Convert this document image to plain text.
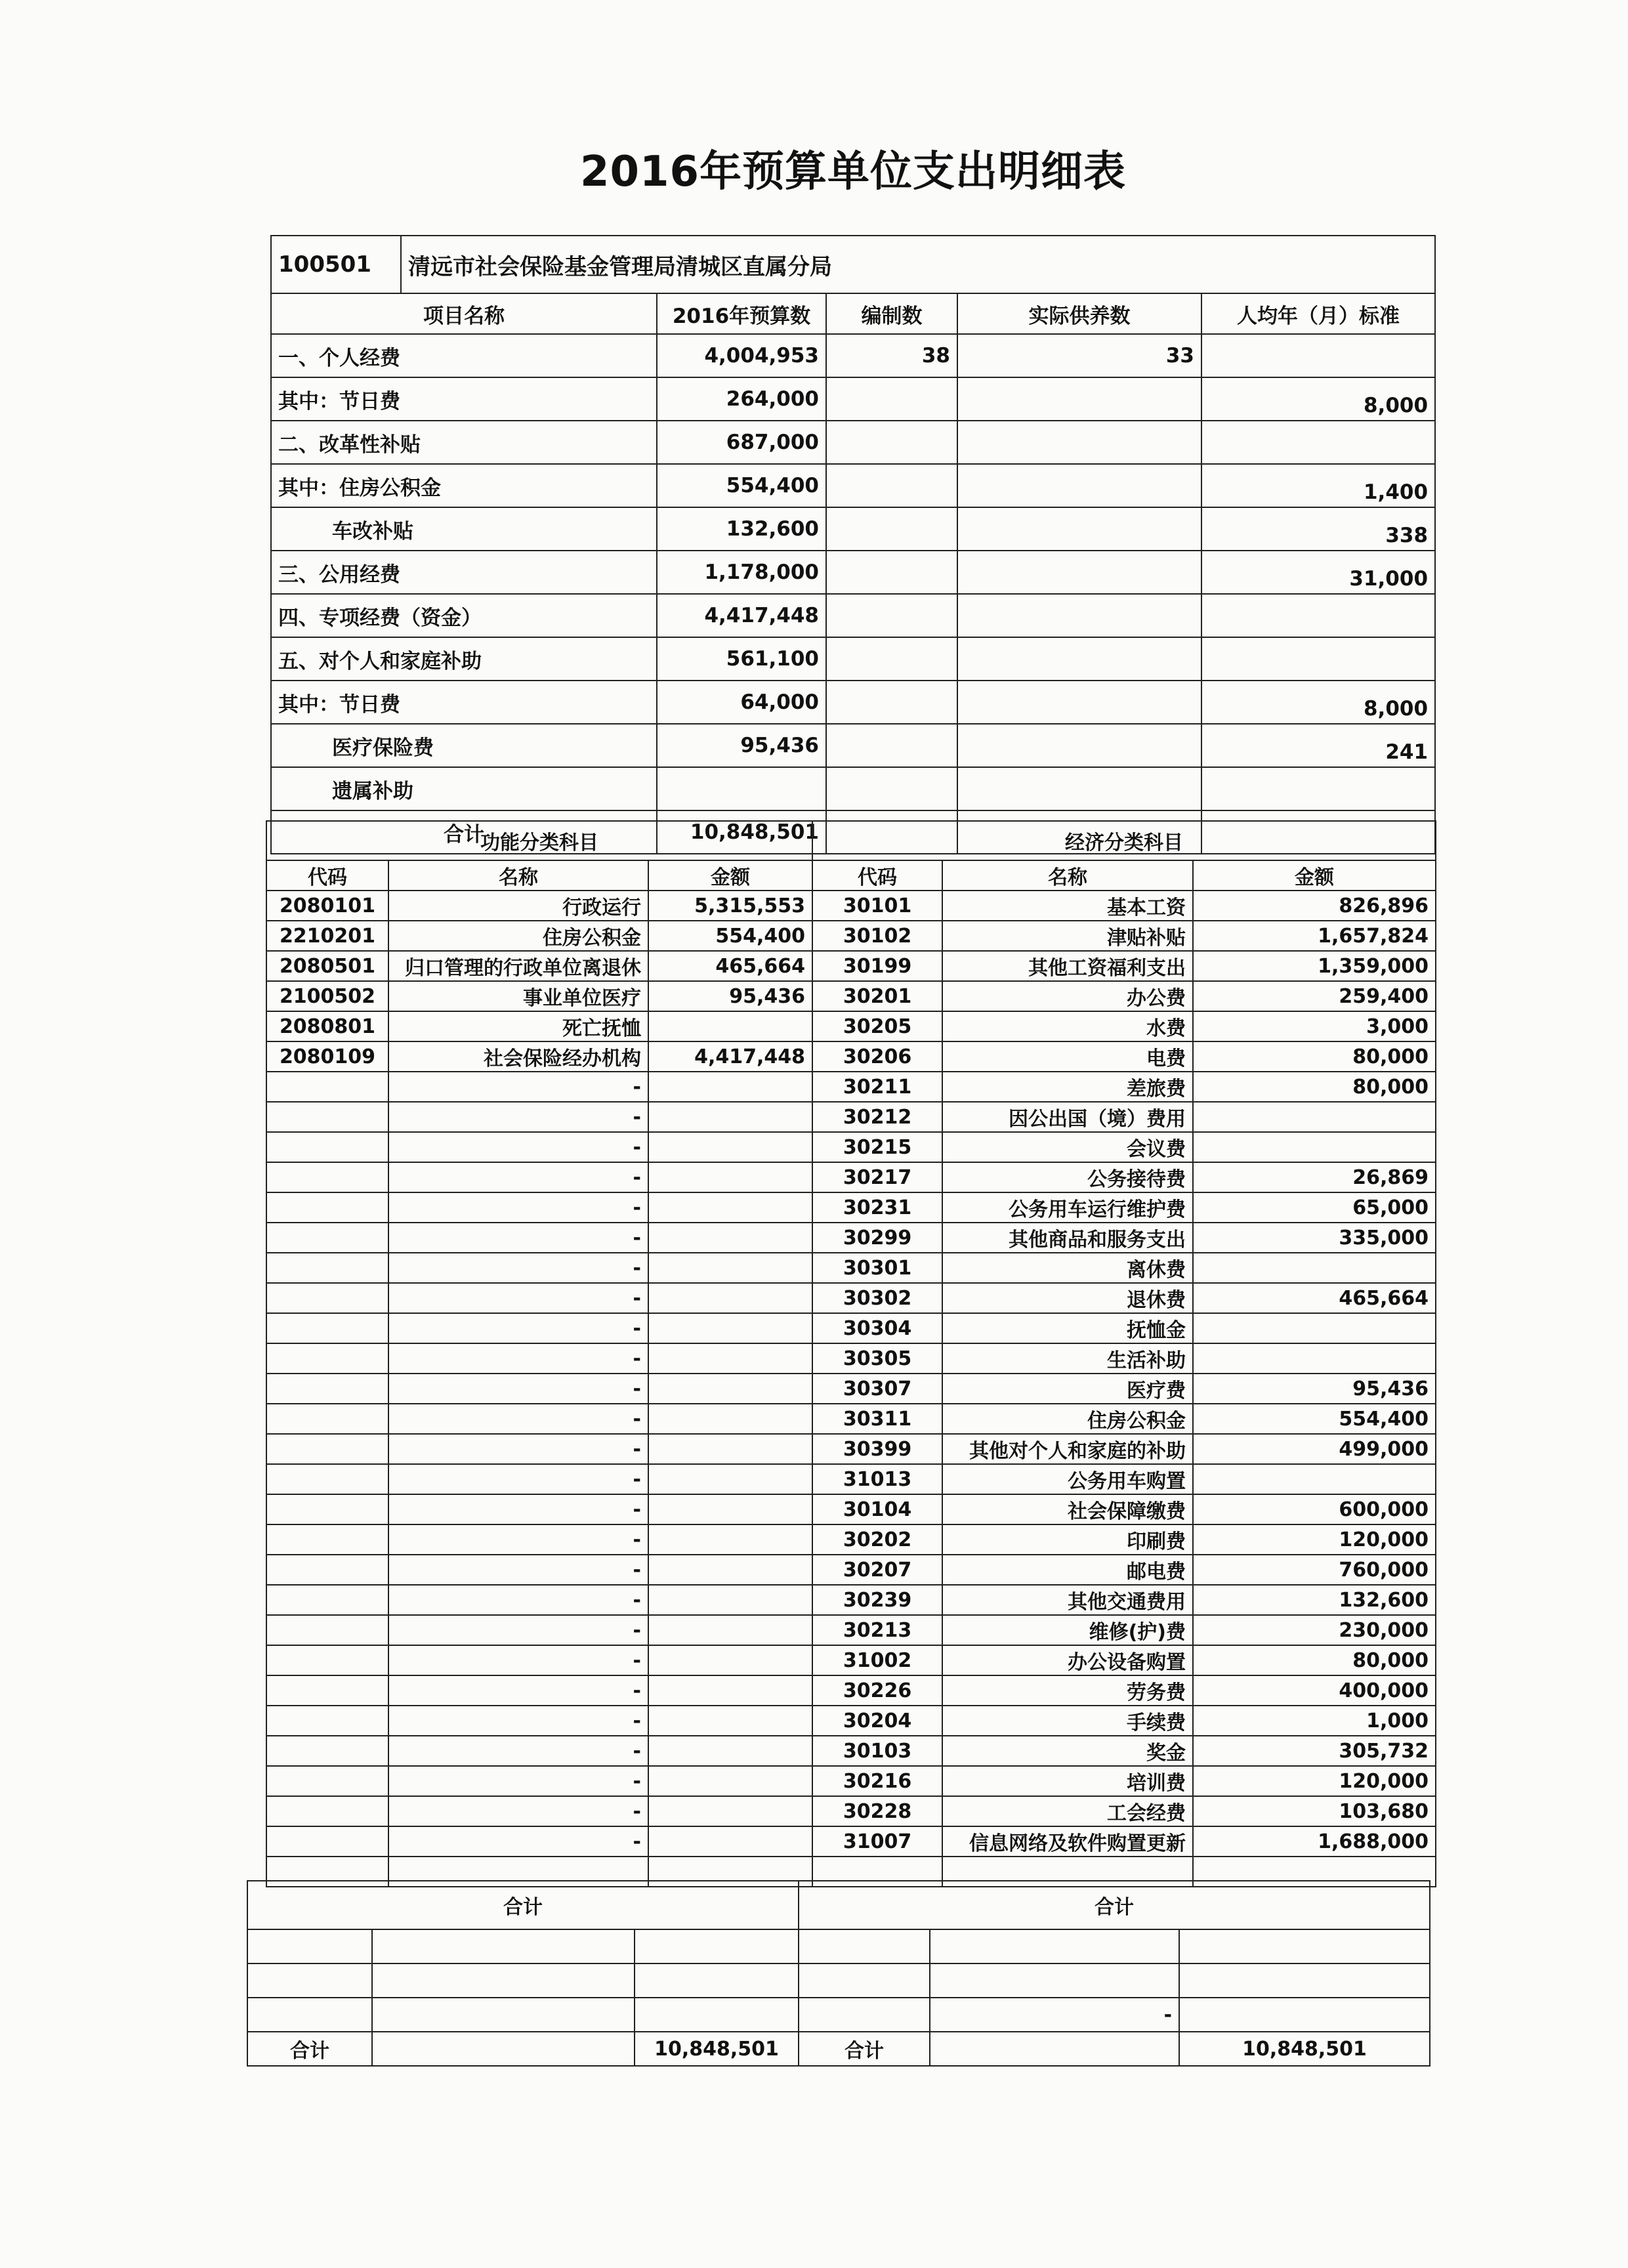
2016年预算单位支出明细表
100501	清远市社会保险基金管理局清城区直属分局				
项目名称		2016年预算数	编制数	实际供养数	人均年（月）标准
一、个人经费		4,004,953	38	33	
其中：节日费		264,000			8,000
二、改革性补贴		687,000			
其中：住房公积金		554,400			1,400
车改补贴		132,600			338
三、公用经费		1,178,000			31,000
四、专项经费（资金）		4,417,448			
五、对个人和家庭补助		561,100			
其中：节日费		64,000			8,000
医疗保险费		95,436			241
遗属补助					
合计		10,848,501			
功能分类科目			经济分类科目		
代码	名称	金额	代码	名称	金额
2080101	行政运行	5,315,553	30101	基本工资	826,896
2210201	住房公积金	554,400	30102	津贴补贴	1,657,824
2080501	归口管理的行政单位离退休	465,664	30199	其他工资福利支出	1,359,000
2100502	事业单位医疗	95,436	30201	办公费	259,400
2080801	死亡抚恤		30205	水费	3,000
2080109	社会保险经办机构	4,417,448	30206	电费	80,000
	-		30211	差旅费	80,000
	-		30212	因公出国（境）费用	
	-		30215	会议费	
	-		30217	公务接待费	26,869
	-		30231	公务用车运行维护费	65,000
	-		30299	其他商品和服务支出	335,000
	-		30301	离休费	
	-		30302	退休费	465,664
	-		30304	抚恤金	
	-		30305	生活补助	
	-		30307	医疗费	95,436
	-		30311	住房公积金	554,400
	-		30399	其他对个人和家庭的补助	499,000
	-		31013	公务用车购置	
	-		30104	社会保障缴费	600,000
	-		30202	印刷费	120,000
	-		30207	邮电费	760,000
	-		30239	其他交通费用	132,600
	-		30213	维修(护)费	230,000
	-		31002	办公设备购置	80,000
	-		30226	劳务费	400,000
	-		30204	手续费	1,000
	-		30103	奖金	305,732
	-		30216	培训费	120,000
	-		30228	工会经费	103,680
	-		31007	信息网络及软件购置更新	1,688,000

合计			合计		

				-	
合计		10,848,501	合计		10,848,501
